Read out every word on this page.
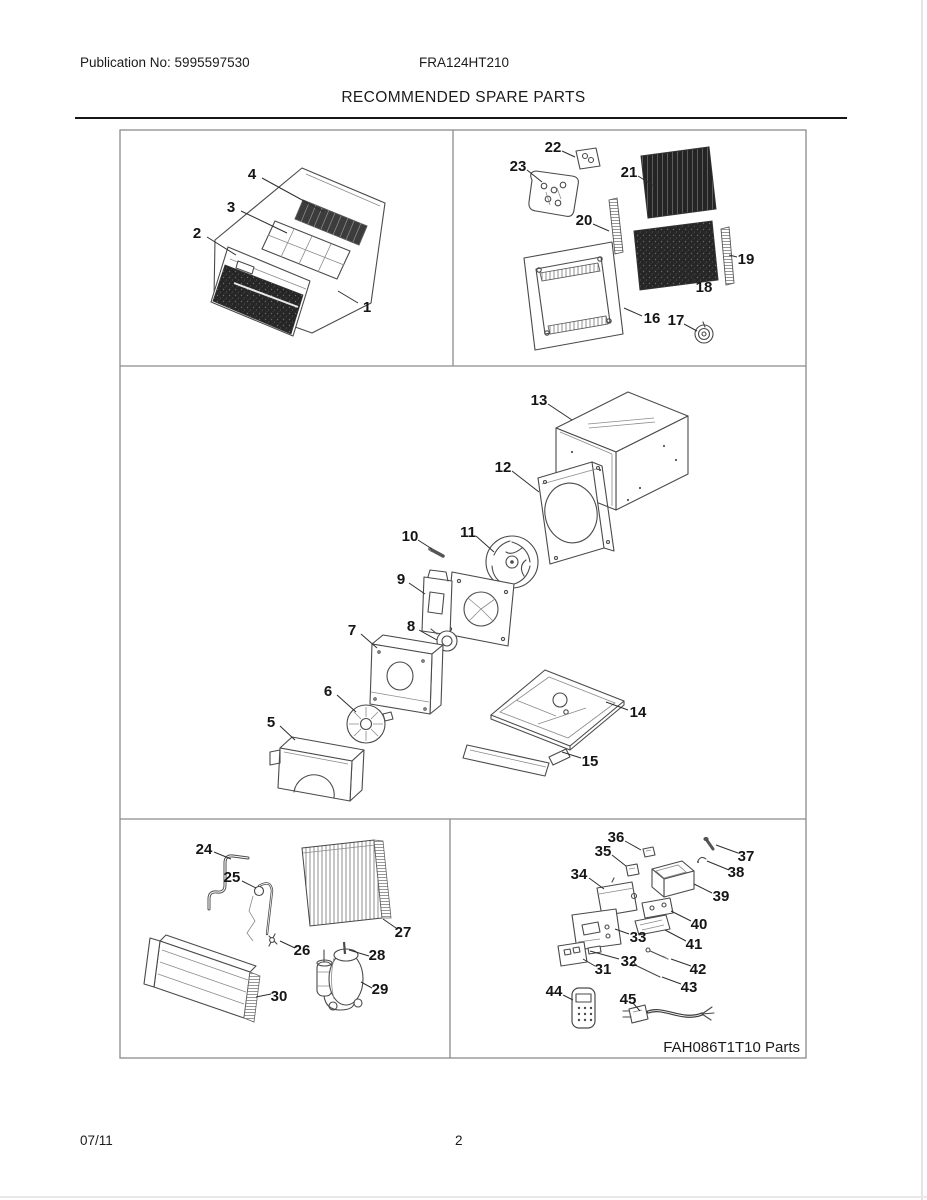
Publication No: 5995597530	FRA124HT210
RECOMMENDED SPARE PARTS
1
2
3
4
5
6
7	8
9
10	11
12
13
14
15
16 17
18
19
20
21
22
23
24
25
26
27
28
29
30
31 32
33
34
35
36
37
38
39
40
41
42
43
44	45
FAH086T1T10 Parts
07/11	2
